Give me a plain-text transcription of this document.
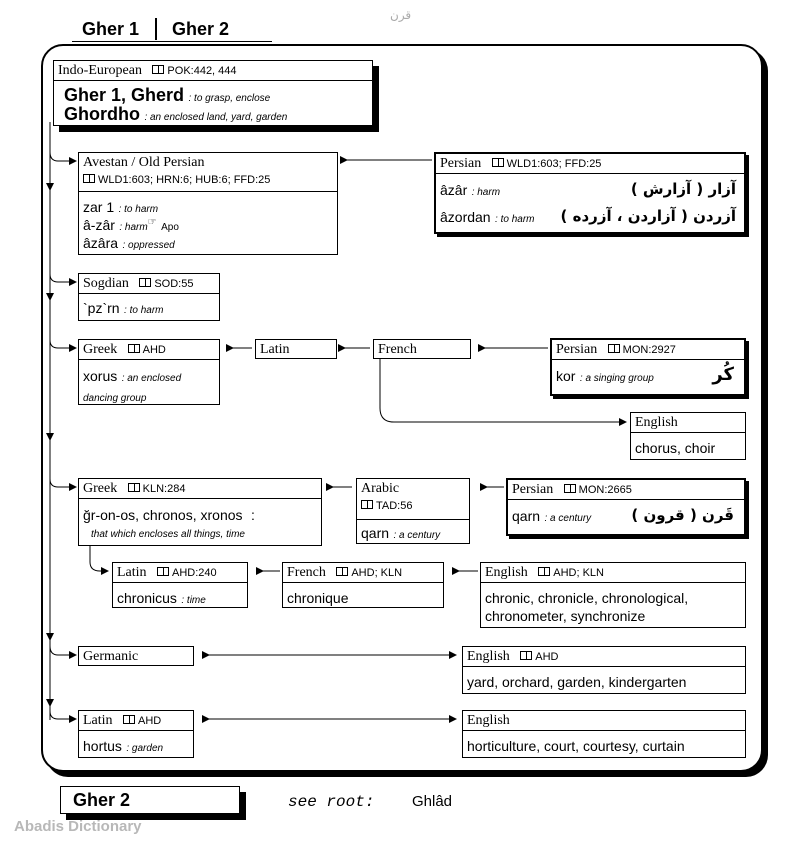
Gher 1 Gher 2
قرن
Indo-European POK:442, 444
Gher 1, Gherd : to grasp, enclose
Ghordho : an enclosed land, yard, garden
Avestan / Old Persian
WLD1:603; HRN:6; HUB:6; FFD:25
zar 1 : to harm
â-zâr : harm☞ Apo
âzâra : oppressed
Persian WLD1:603; FFD:25
âzâr : harm	آزار ( آزارش )
âzordan : to harm آزردن ( آزاردن ، آزرده )
Sogdian SOD:55
`pz`rn : to harm
Greek AHD
xorus : an enclosed dancing group
Latin	French	Persian MON:2927
kor : a singing group	کُر
English
chorus, choir
Greek KLN:284
ğr-on-os, chronos, xronos :
that which encloses all things, time
Arabic
TAD:56
qarn : a century
Persian MON:2665
qarn : a century	قَرن ( قرون )
Latin AHD:240
chronicus : time
French AHD; KLN
chronique
English AHD; KLN
chronic, chronicle, chronological,
chronometer, synchronize
Germanic	English AHD
yard, orchard, garden, kindergarten
Latin AHD
hortus : garden
English
horticulture, court, courtesy, curtain
Gher 2	see root:	Ghlâd
Abadis Dictionary
